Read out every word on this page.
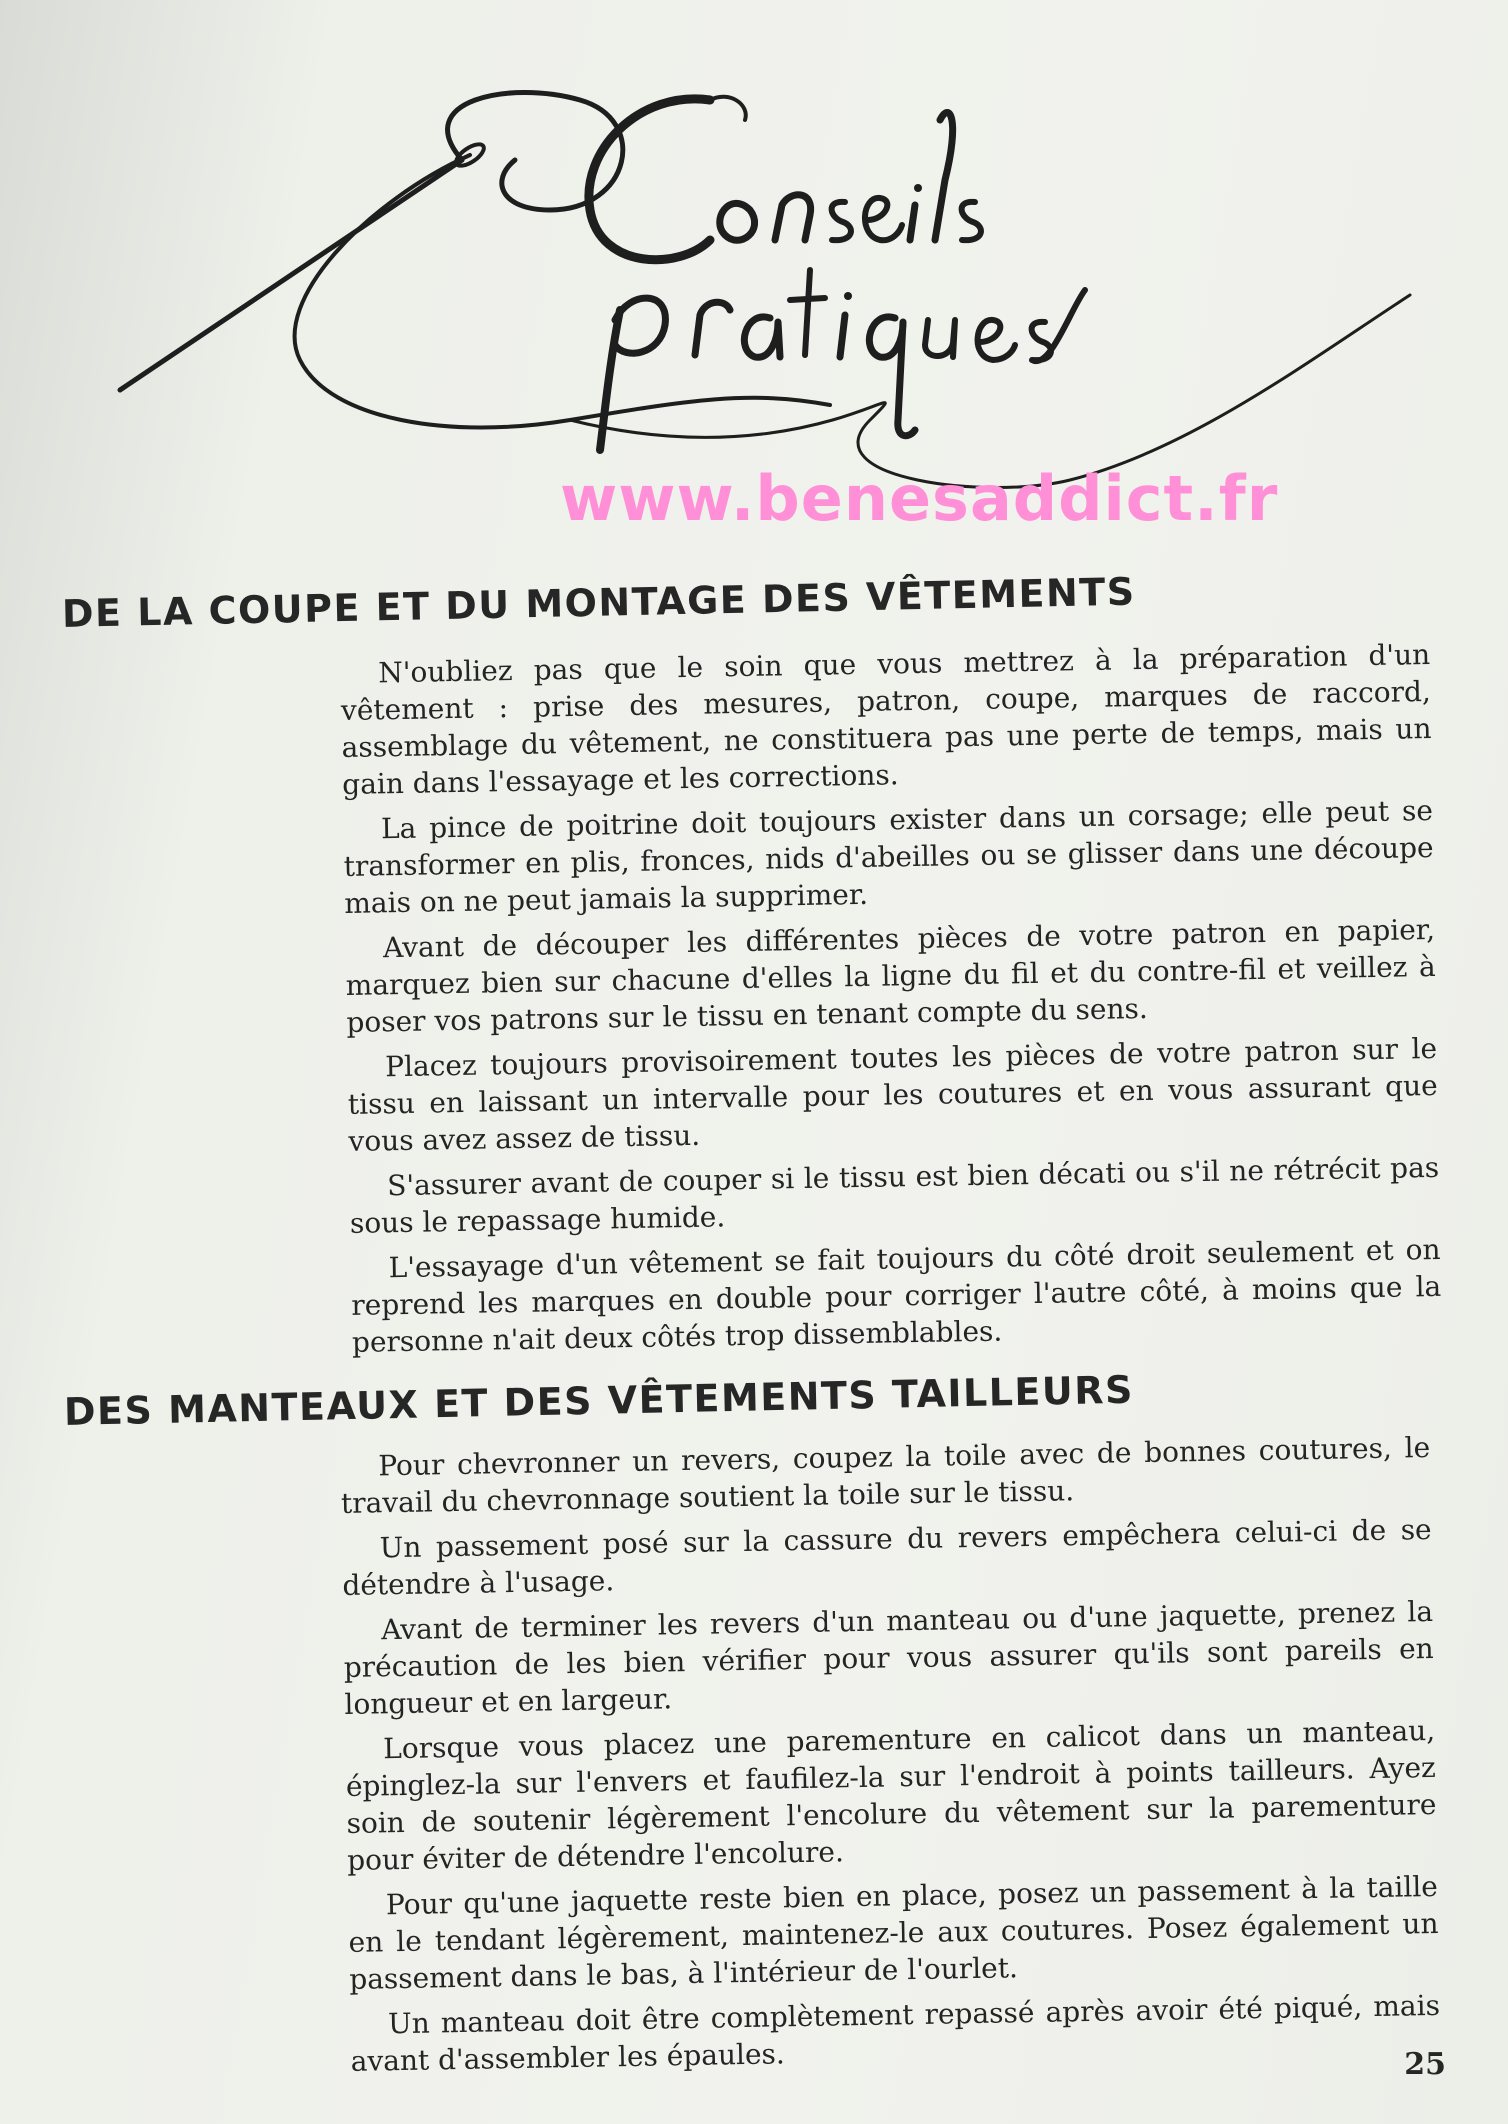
www.benesaddict.fr
DE LA COUPE ET DU MONTAGE DES VÊTEMENTS

N'oubliez pas que le soin que vous mettrez à la préparation d'un vêtement : prise des mesures, patron, coupe, marques de raccord, assemblage du vêtement, ne constituera pas une perte de temps, mais un gain dans l'essayage et les corrections.

La pince de poitrine doit toujours exister dans un corsage; elle peut se transformer en plis, fronces, nids d'abeilles ou se glisser dans une découpe mais on ne peut jamais la supprimer.

Avant de découper les différentes pièces de votre patron en papier, marquez bien sur chacune d'elles la ligne du fil et du contre-fil et veillez à poser vos patrons sur le tissu en tenant compte du sens.

Placez toujours provisoirement toutes les pièces de votre patron sur le tissu en laissant un intervalle pour les coutures et en vous assurant que vous avez assez de tissu.

S'assurer avant de couper si le tissu est bien décati ou s'il ne rétrécit pas sous le repassage humide.

L'essayage d'un vêtement se fait toujours du côté droit seulement et on reprend les marques en double pour corriger l'autre côté, à moins que la personne n'ait deux côtés trop dissemblables.

DES MANTEAUX ET DES VÊTEMENTS TAILLEURS

Pour chevronner un revers, coupez la toile avec de bonnes coutures, le travail du chevronnage soutient la toile sur le tissu.

Un passement posé sur la cassure du revers empêchera celui-ci de se détendre à l'usage.

Avant de terminer les revers d'un manteau ou d'une jaquette, prenez la précaution de les bien vérifier pour vous assurer qu'ils sont pareils en longueur et en largeur.

Lorsque vous placez une parementure en calicot dans un manteau, épinglez-la sur l'envers et faufilez-la sur l'endroit à points tailleurs. Ayez soin de soutenir légèrement l'encolure du vêtement sur la parementure pour éviter de détendre l'encolure.

Pour qu'une jaquette reste bien en place, posez un passement à la taille en le tendant légèrement, maintenez-le aux coutures. Posez également un passement dans le bas, à l'intérieur de l'ourlet.

Un manteau doit être complètement repassé après avoir été piqué, mais avant d'assembler les épaules.	25
